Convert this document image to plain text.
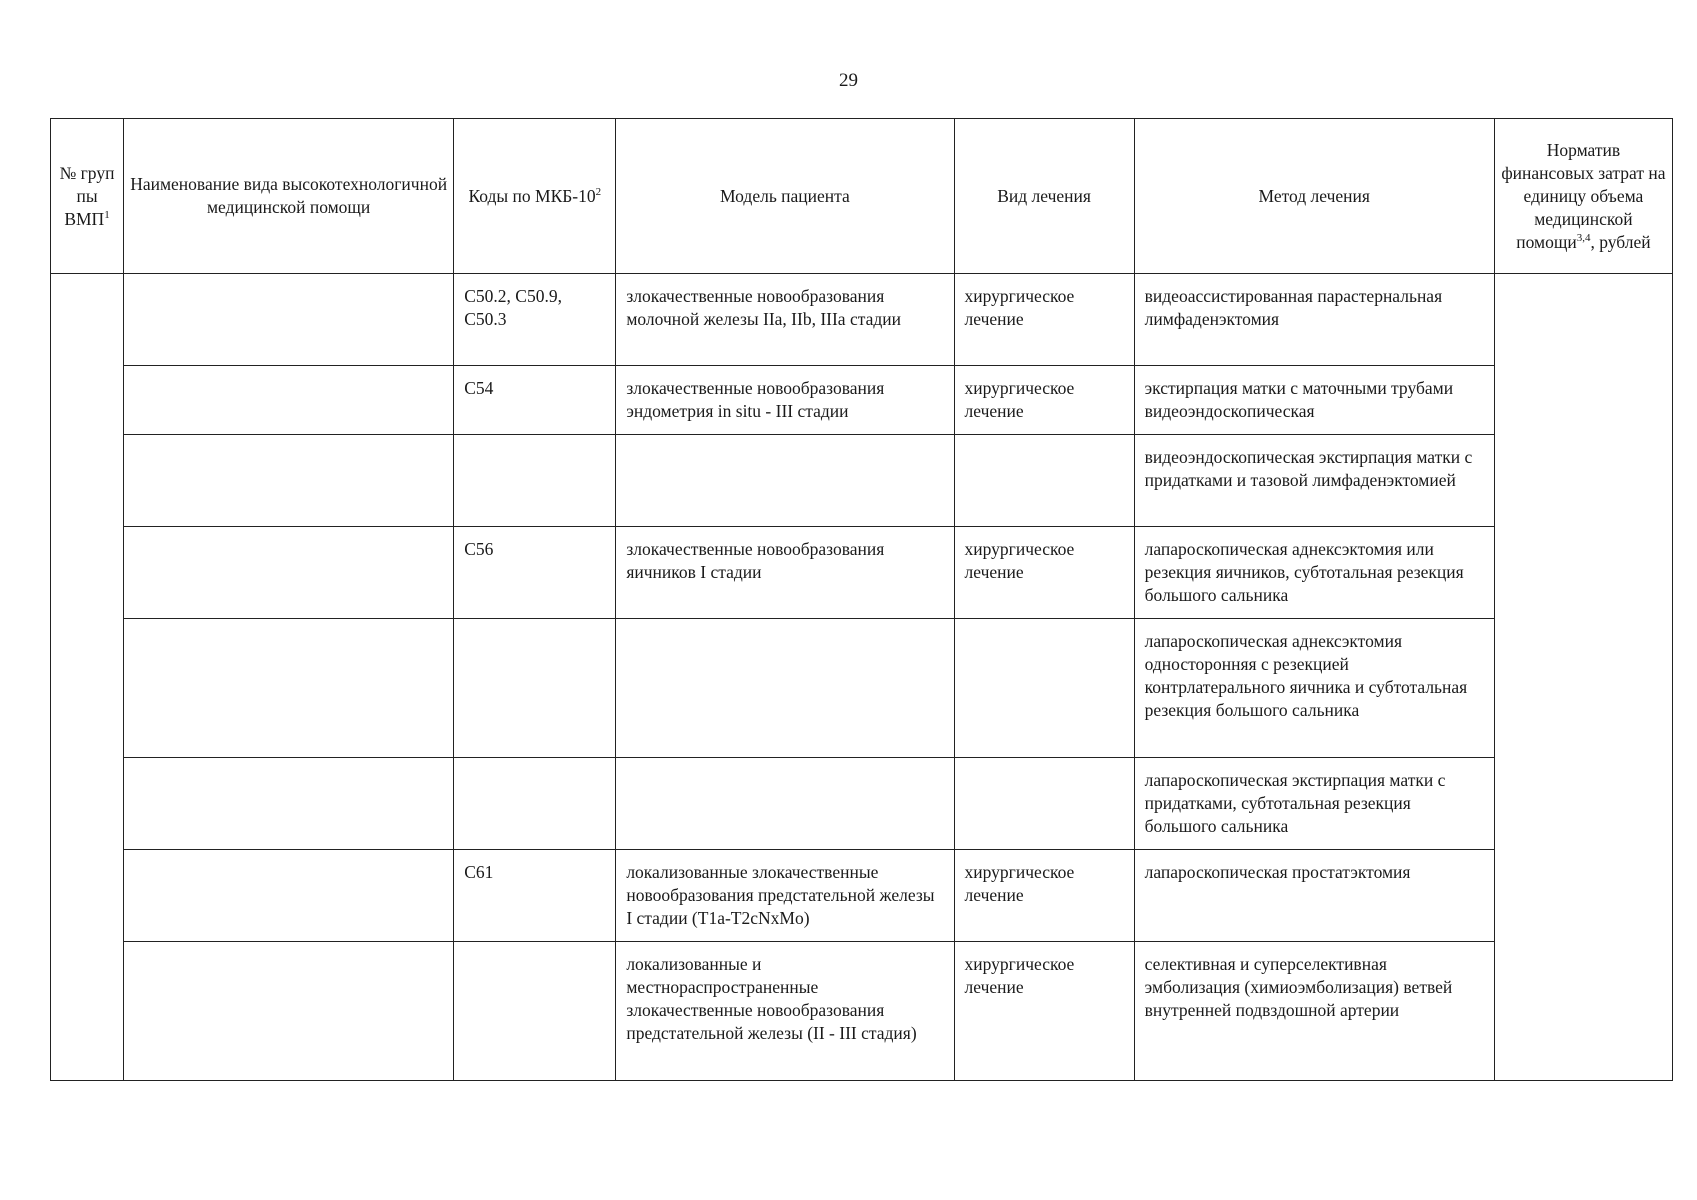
29
№ груп пы ВМП$^1$	Наименование вида высокотехнологичной медицинской помощи	Коды по МКБ-$10^2$	Модель пациента	Вид лечения	Метод лечения	Норматив финансовых затрат на единицу объема медицинской помощи$^{3,4}$, рублей
		C50.2, C50.9, C50.3	злокачественные новообразования молочной железы IIa, IIb, IIIa стадии	хирургическое лечение	видеоассистированная парастернальная лимфаденэктомия	
		C54	злокачественные новообразования эндометрия in situ - III стадии	хирургическое лечение	экстирпация матки с маточными трубами видеоэндоскопическая	
					видеоэндоскопическая экстирпация матки с придатками и тазовой лимфаденэктомией	
		C56	злокачественные новообразования яичников I стадии	хирургическое лечение	лапароскопическая аднексэктомия или резекция яичников, субтотальная резекция большого сальника	
					лапароскопическая аднексэктомия односторонняя с резекцией контрлатерального яичника и субтотальная резекция большого сальника	
					лапароскопическая экстирпация матки с придатками, субтотальная резекция большого сальника	
		C61	локализованные злокачественные новообразования предстательной железы I стадии (T1a-T2cNxMo)	хирургическое лечение	лапароскопическая простатэктомия	
			локализованные и местнораспространенные злокачественные новообразования предстательной железы (II - III стадия)	хирургическое лечение	селективная и суперселективная эмболизация (химиоэмболизация) ветвей внутренней подвздошной артерии	
